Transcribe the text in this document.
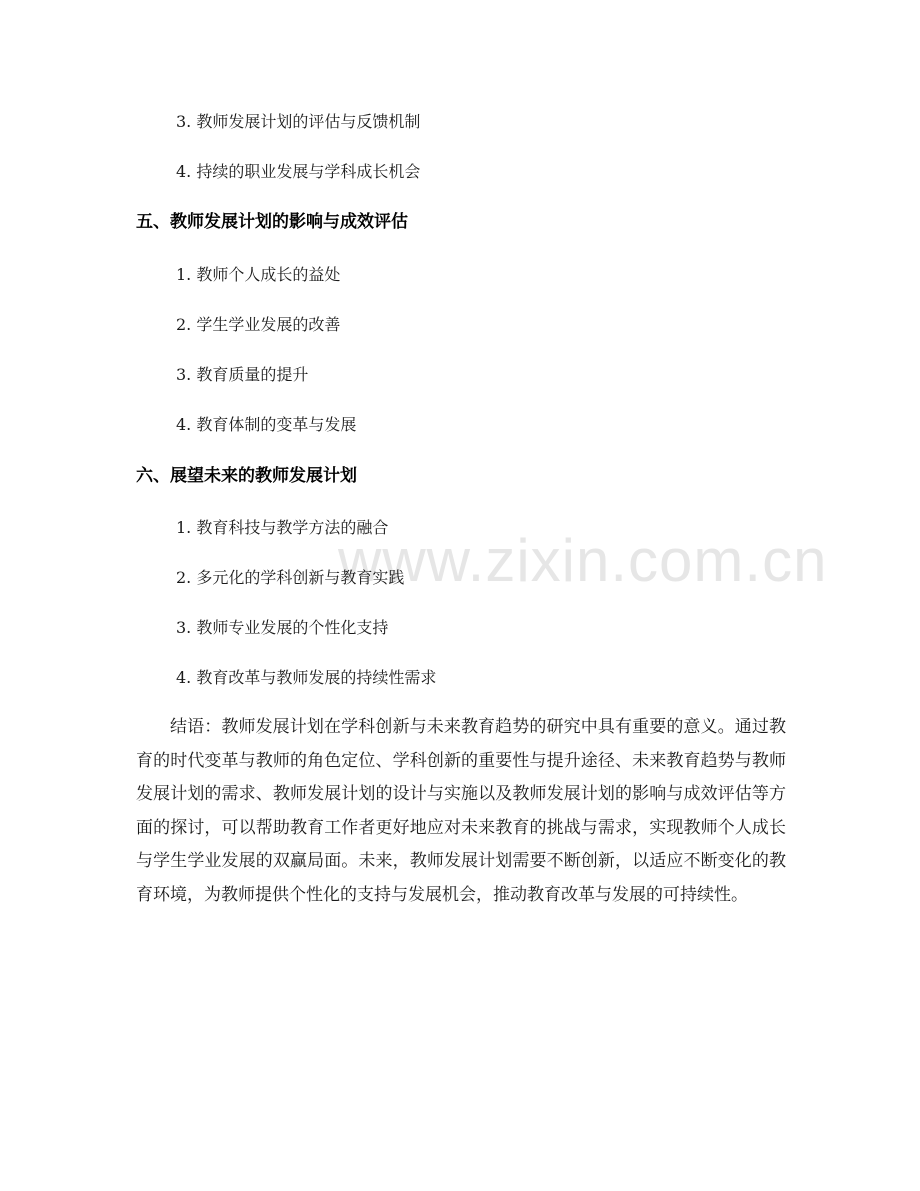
www.zixin.com.cn
3. 教师发展计划的评估与反馈机制
4. 持续的职业发展与学科成长机会
五、教师发展计划的影响与成效评估
1. 教师个人成长的益处
2. 学生学业发展的改善
3. 教育质量的提升
4. 教育体制的变革与发展
六、展望未来的教师发展计划
1. 教育科技与教学方法的融合
2. 多元化的学科创新与教育实践
3. 教师专业发展的个性化支持
4. 教育改革与教师发展的持续性需求
结语：教师发展计划在学科创新与未来教育趋势的研究中具有重要的意义。通过教育的时代变革与教师的角色定位、学科创新的重要性与提升途径、未来教育趋势与教师发展计划的需求、教师发展计划的设计与实施以及教师发展计划的影响与成效评估等方面的探讨，可以帮助教育工作者更好地应对未来教育的挑战与需求，实现教师个人成长与学生学业发展的双赢局面。未来，教师发展计划需要不断创新，以适应不断变化的教育环境，为教师提供个性化的支持与发展机会，推动教育改革与发展的可持续性。
